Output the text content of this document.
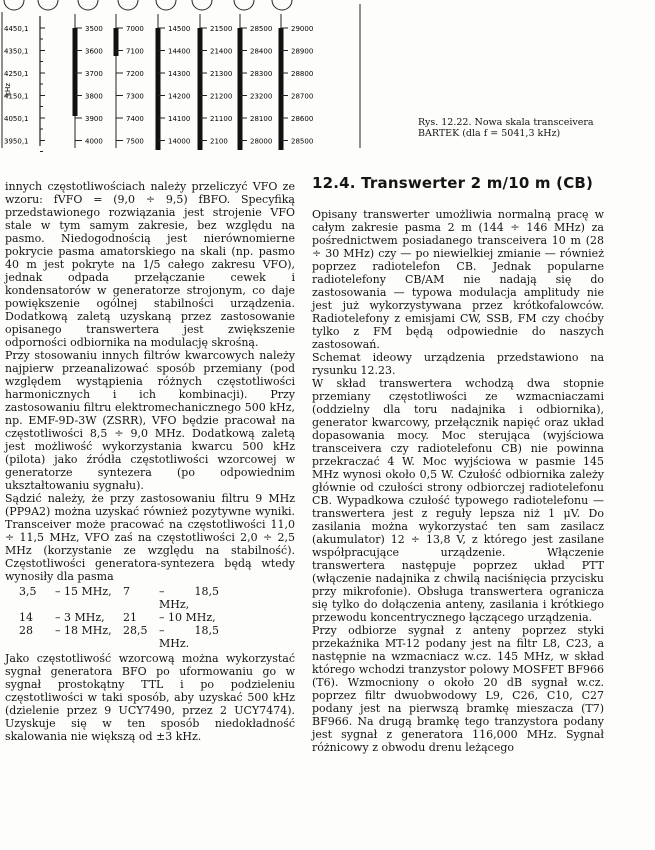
4450,1
4350,1
4250,1
4150,1
4050,1
3950,1
kHz
3500
3600
3700
3800
3900
4000
7000
7100
7200
7300
7400
7500
14500
14400
14300
14200
14100
14000
21500
21400
21300
21200
21100
2100
28500
28400
28300
23200
28100
28000
29000
28900
28800
28700
28600
28500
Rys. 12.22. Nowa skala transceivera
BARTEK (dla f = 5041,3 kHz)

innych częstotliwościach należy przeliczyć VFO ze wzoru: fVFO = (9,0 ÷ 9,5) fBFO. Specyfiką przedstawionego rozwiązania jest strojenie VFO stale w tym samym zakresie, bez względu na pasmo. Niedogodnością jest nierównomierne pokrycie pasma amatorskiego na skali (np. pasmo 40 m jest pokryte na 1/5 całego zakresu VFO), jednak odpada przełączanie cewek i kondensatorów w generatorze strojonym, co daje powiększenie ogólnej stabilności urządzenia. Dodatkową zaletą uzyskaną przez zastosowanie opisanego transwertera jest zwiększenie odporności odbiornika na modulację skrośną.

Przy stosowaniu innych filtrów kwarcowych należy najpierw przeanalizować sposób przemiany (pod względem wystąpienia różnych częstotliwości harmonicznych i ich kombinacji). Przy zastosowaniu filtru elektromechanicznego 500 kHz, np. EMF-9D-3W (ZSRR), VFO będzie pracował na częstotliwości 8,5 ÷ 9,0 MHz. Dodatkową zaletą jest możliwość wykorzystania kwarcu 500 kHz (pilota) jako źródła częstotliwości wzorcowej w generatorze syntezera (po odpowiednim ukształtowaniu sygnału).

Sądzić należy, że przy zastosowaniu filtru 9 MHz (PP9A2) można uzyskać również pozytywne wyniki. Transceiver może pracować na częstotliwości 11,0 ÷ 11,5 MHz, VFO zaś na częstotliwości 2,0 ÷ 2,5 MHz (korzystanie ze względu na stabilność). Częstotliwości generatora-syntezera będą wtedy wynosiły dla pasma

3,5	– 15 MHz,	7	– 18,5 MHz,
14	– 3 MHz,	21	– 10 MHz,
28	– 18 MHz,	28,5	– 18,5 MHz.

Jako częstotliwość wzorcową można wykorzystać sygnał generatora BFO po uformowaniu go w sygnał prostokątny TTL i po podzieleniu częstotliwości w taki sposób, aby uzyskać 500 kHz (dzielenie przez 9 UCY7490, przez 2 UCY7474). Uzyskuje się w ten sposób niedokładność skalowania nie większą od ±3 kHz.

12.4. Transwerter 2 m/10 m (CB)

Opisany transwerter umożliwia normalną pracę w całym zakresie pasma 2 m (144 ÷ 146 MHz) za pośrednictwem posiadanego transceivera 10 m (28 ÷ 30 MHz) czy — po niewielkiej zmianie — również poprzez radiotelefon CB. Jednak popularne radiotelefony CB/AM nie nadają się do zastosowania — typowa modulacja amplitudy nie jest już wykorzystywana przez krótkofalowców. Radiotelefony z emisjami CW, SSB, FM czy choćby tylko z FM będą odpowiednie do naszych zastosowań.

Schemat ideowy urządzenia przedstawiono na rysunku 12.23.

W skład transwertera wchodzą dwa stopnie przemiany częstotliwości ze wzmacniaczami (oddzielny dla toru nadajnika i odbiornika), generator kwarcowy, przełącznik napięć oraz układ dopasowania mocy. Moc sterująca (wyjściowa transceivera czy radiotelefonu CB) nie powinna przekraczać 4 W. Moc wyjściowa w pasmie 145 MHz wynosi około 0,5 W. Czułość odbiornika zależy głównie od czułości strony odbiorczej radiotelefonu CB. Wypadkowa czułość typowego radiotelefonu — transwertera jest z reguły lepsza niż 1 μV. Do zasilania można wykorzystać ten sam zasilacz (akumulator) 12 ÷ 13,8 V, z którego jest zasilane współpracujące urządzenie. Włączenie transwertera następuje poprzez układ PTT (włączenie nadajnika z chwilą naciśnięcia przycisku przy mikrofonie). Obsługa transwertera ogranicza się tylko do dołączenia anteny, zasilania i krótkiego przewodu koncentrycznego łączącego urządzenia.

Przy odbiorze sygnał z anteny poprzez styki przekaźnika MT-12 podany jest na filtr L8, C23, a następnie na wzmacniacz w.cz. 145 MHz, w skład którego wchodzi tranzystor polowy MOSFET BF966 (T6). Wzmocniony o około 20 dB sygnał w.cz. poprzez filtr dwuobwodowy L9, C26, C10, C27 podany jest na pierwszą bramkę mieszacza (T7) BF966. Na drugą bramkę tego tranzystora podany jest sygnał z generatora 116,000 MHz. Sygnał różnicowy z obwodu drenu leżącego
